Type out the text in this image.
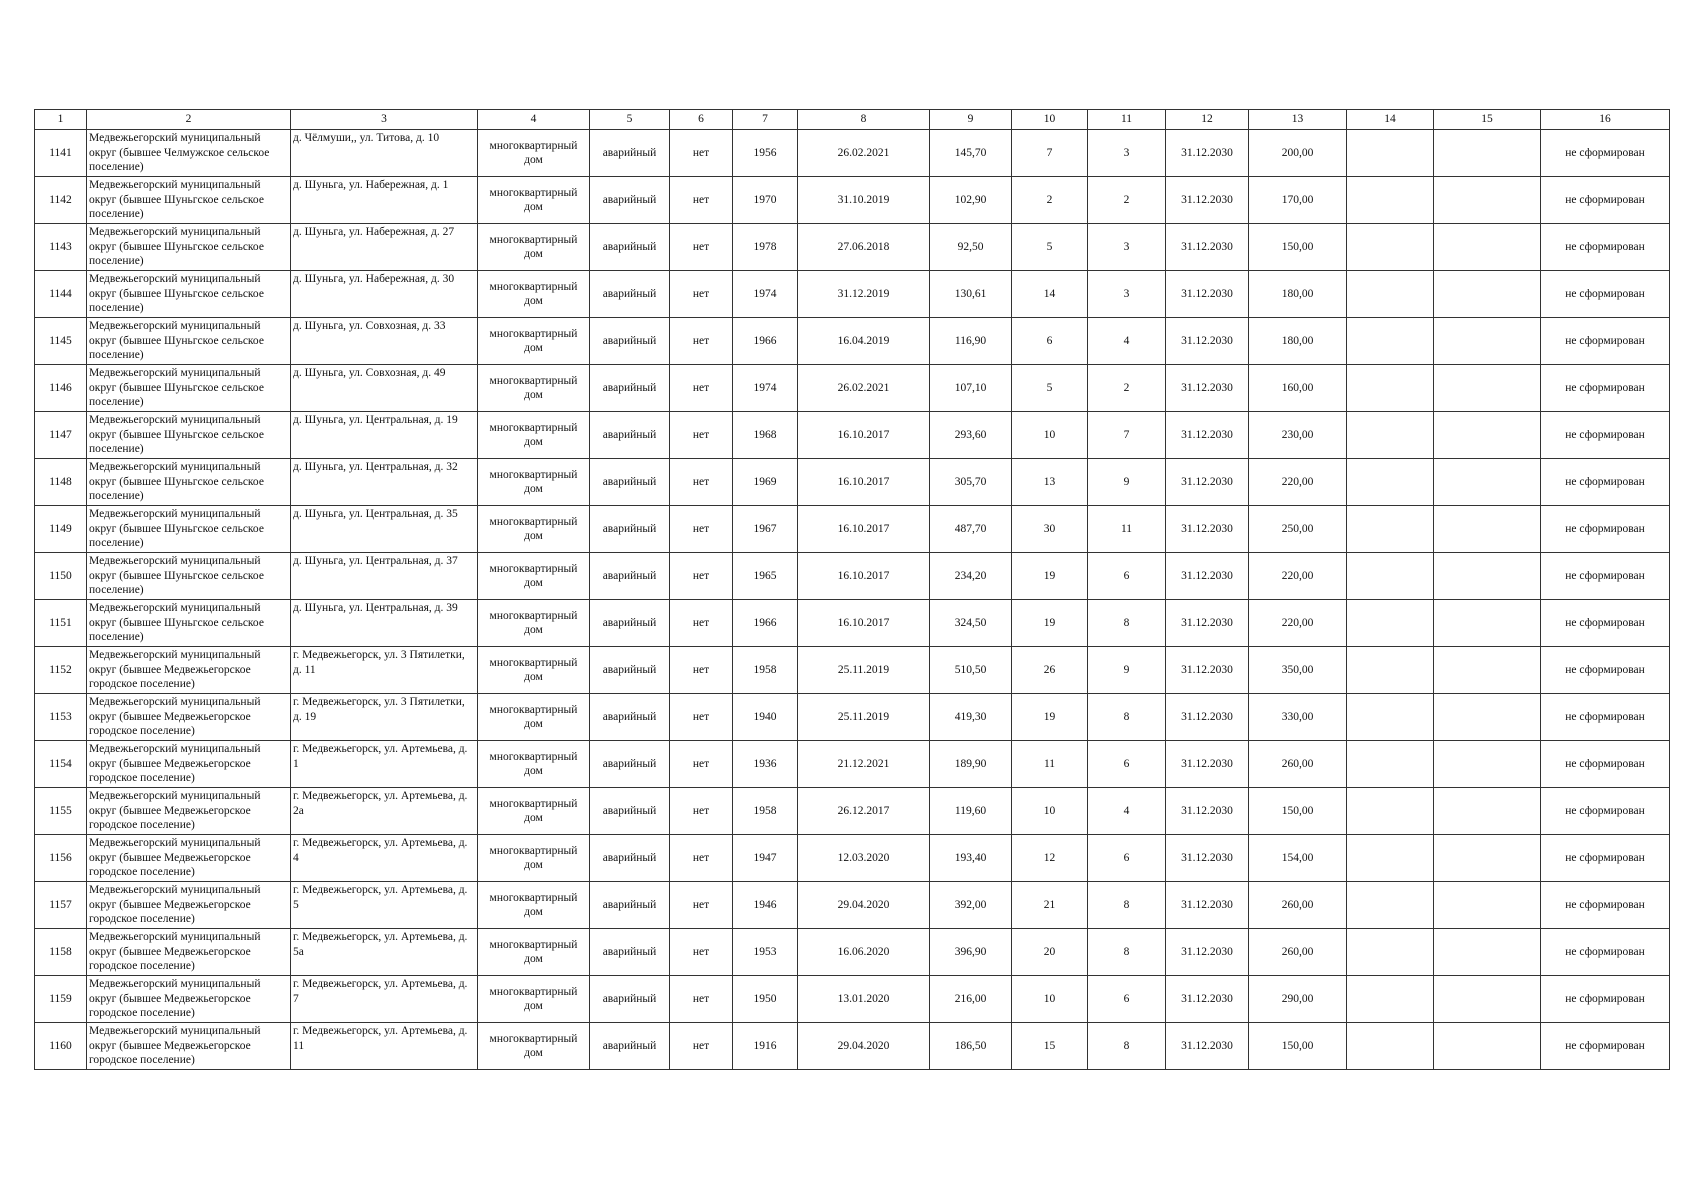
1	2	3	4	5	6	7	8	9	10	11	12	13	14	15	16
1141	Медвежьегорский муниципальный округ (бывшее Челмужское сельское поселение)	д. Чёлмуши,, ул. Титова, д. 10	многоквартирный дом	аварийный	нет	1956	26.02.2021	145,70	7	3	31.12.2030	200,00			не сформирован
1142	Медвежьегорский муниципальный округ (бывшее Шуньгское сельское поселение)	д. Шуньга, ул. Набережная, д. 1	многоквартирный дом	аварийный	нет	1970	31.10.2019	102,90	2	2	31.12.2030	170,00			не сформирован
1143	Медвежьегорский муниципальный округ (бывшее Шуньгское сельское поселение)	д. Шуньга, ул. Набережная, д. 27	многоквартирный дом	аварийный	нет	1978	27.06.2018	92,50	5	3	31.12.2030	150,00			не сформирован
1144	Медвежьегорский муниципальный округ (бывшее Шуньгское сельское поселение)	д. Шуньга, ул. Набережная, д. 30	многоквартирный дом	аварийный	нет	1974	31.12.2019	130,61	14	3	31.12.2030	180,00			не сформирован
1145	Медвежьегорский муниципальный округ (бывшее Шуньгское сельское поселение)	д. Шуньга, ул. Совхозная, д. 33	многоквартирный дом	аварийный	нет	1966	16.04.2019	116,90	6	4	31.12.2030	180,00			не сформирован
1146	Медвежьегорский муниципальный округ (бывшее Шуньгское сельское поселение)	д. Шуньга, ул. Совхозная, д. 49	многоквартирный дом	аварийный	нет	1974	26.02.2021	107,10	5	2	31.12.2030	160,00			не сформирован
1147	Медвежьегорский муниципальный округ (бывшее Шуньгское сельское поселение)	д. Шуньга, ул. Центральная, д. 19	многоквартирный дом	аварийный	нет	1968	16.10.2017	293,60	10	7	31.12.2030	230,00			не сформирован
1148	Медвежьегорский муниципальный округ (бывшее Шуньгское сельское поселение)	д. Шуньга, ул. Центральная, д. 32	многоквартирный дом	аварийный	нет	1969	16.10.2017	305,70	13	9	31.12.2030	220,00			не сформирован
1149	Медвежьегорский муниципальный округ (бывшее Шуньгское сельское поселение)	д. Шуньга, ул. Центральная, д. 35	многоквартирный дом	аварийный	нет	1967	16.10.2017	487,70	30	11	31.12.2030	250,00			не сформирован
1150	Медвежьегорский муниципальный округ (бывшее Шуньгское сельское поселение)	д. Шуньга, ул. Центральная, д. 37	многоквартирный дом	аварийный	нет	1965	16.10.2017	234,20	19	6	31.12.2030	220,00			не сформирован
1151	Медвежьегорский муниципальный округ (бывшее Шуньгское сельское поселение)	д. Шуньга, ул. Центральная, д. 39	многоквартирный дом	аварийный	нет	1966	16.10.2017	324,50	19	8	31.12.2030	220,00			не сформирован
1152	Медвежьегорский муниципальный округ (бывшее Медвежьегорское городское поселение)	г. Медвежьегорск, ул. 3 Пятилетки, д. 11	многоквартирный дом	аварийный	нет	1958	25.11.2019	510,50	26	9	31.12.2030	350,00			не сформирован
1153	Медвежьегорский муниципальный округ (бывшее Медвежьегорское городское поселение)	г. Медвежьегорск, ул. 3 Пятилетки, д. 19	многоквартирный дом	аварийный	нет	1940	25.11.2019	419,30	19	8	31.12.2030	330,00			не сформирован
1154	Медвежьегорский муниципальный округ (бывшее Медвежьегорское городское поселение)	г. Медвежьегорск, ул. Артемьева, д. 1	многоквартирный дом	аварийный	нет	1936	21.12.2021	189,90	11	6	31.12.2030	260,00			не сформирован
1155	Медвежьегорский муниципальный округ (бывшее Медвежьегорское городское поселение)	г. Медвежьегорск, ул. Артемьева, д. 2а	многоквартирный дом	аварийный	нет	1958	26.12.2017	119,60	10	4	31.12.2030	150,00			не сформирован
1156	Медвежьегорский муниципальный округ (бывшее Медвежьегорское городское поселение)	г. Медвежьегорск, ул. Артемьева, д. 4	многоквартирный дом	аварийный	нет	1947	12.03.2020	193,40	12	6	31.12.2030	154,00			не сформирован
1157	Медвежьегорский муниципальный округ (бывшее Медвежьегорское городское поселение)	г. Медвежьегорск, ул. Артемьева, д. 5	многоквартирный дом	аварийный	нет	1946	29.04.2020	392,00	21	8	31.12.2030	260,00			не сформирован
1158	Медвежьегорский муниципальный округ (бывшее Медвежьегорское городское поселение)	г. Медвежьегорск, ул. Артемьева, д. 5а	многоквартирный дом	аварийный	нет	1953	16.06.2020	396,90	20	8	31.12.2030	260,00			не сформирован
1159	Медвежьегорский муниципальный округ (бывшее Медвежьегорское городское поселение)	г. Медвежьегорск, ул. Артемьева, д. 7	многоквартирный дом	аварийный	нет	1950	13.01.2020	216,00	10	6	31.12.2030	290,00			не сформирован
1160	Медвежьегорский муниципальный округ (бывшее Медвежьегорское городское поселение)	г. Медвежьегорск, ул. Артемьева, д. 11	многоквартирный дом	аварийный	нет	1916	29.04.2020	186,50	15	8	31.12.2030	150,00			не сформирован
